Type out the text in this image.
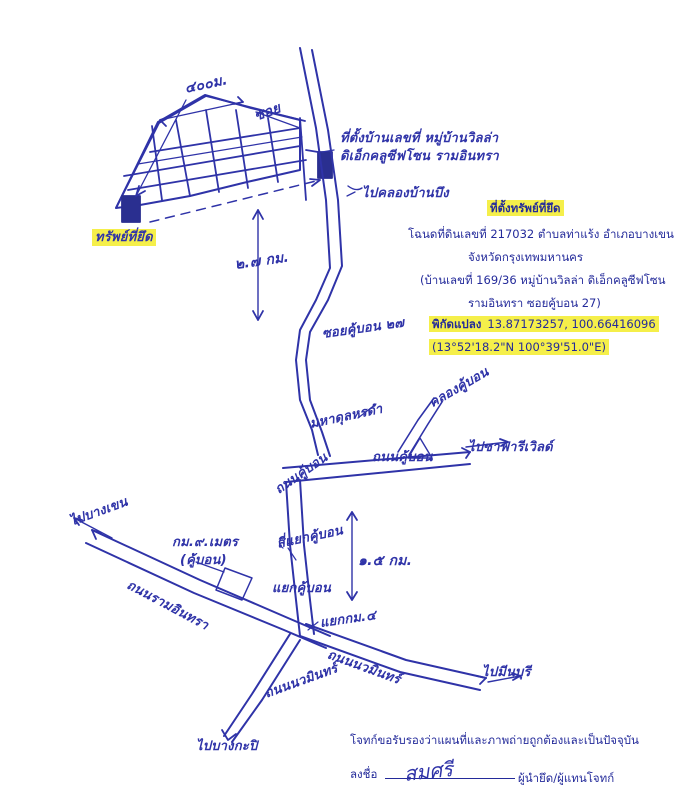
๔๐๐ม.
ซอย
ที่ตั้งบ้านเลขที่ หมู่บ้านวิลล่า
ดิเอ็กคลูซีฟโซน รามอินทรา
ไปคลองบ้านบึง
ทรัพย์ที่ยึด
๒.๗ กม.
ซอยคู้บอน ๒๗
คลองคู้บอน
มหาดุลหรดำ
ถนนคู้บอน
ไปซาฟารีเวิลด์
ถนนคู้บอน
ไปบางเขน
กม.๙.เมตร
(คู้บอน)
สี่แยกคู้บอน
๑.๕ กม.
ถนนรามอินทรา	แยกคู้บอน
แยกกม.๔
ถนนนวมินทร์	ไปมีนบุรี
ถนนนวมินทร์
ไปบางกะปิ
ที่ตั้งทรัพย์ที่ยึด
โฉนดที่ดินเลขที่ 217032 ตำบลท่าแร้ง อำเภอบางเขน
จังหวัดกรุงเทพมหานคร
(บ้านเลขที่ 169/36 หมู่บ้านวิลล่า ดิเอ็กคลูซีฟโซน
รามอินทรา ซอยคู้บอน 27)
พิกัดแปลง 13.87173257, 100.66416096
(13°52'18.2"N 100°39'51.0"E)
โจทก์ขอรับรองว่าแผนที่และภาพถ่ายถูกต้องและเป็นปัจจุบัน
ลงชื่อ สมศรี	ผู้นำยึด/ผู้แทนโจทก์
